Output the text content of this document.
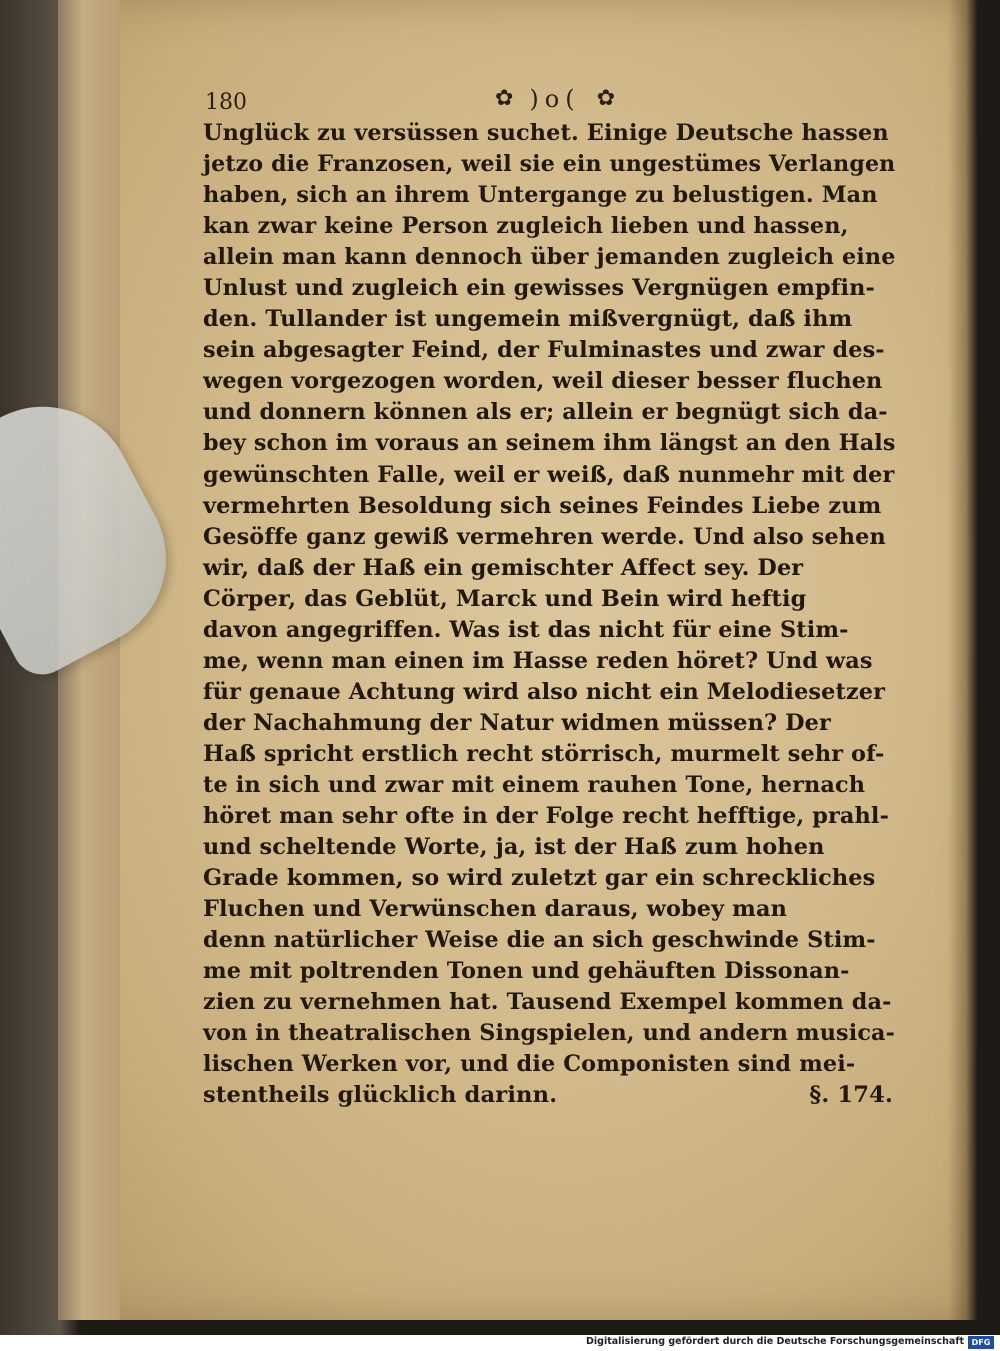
180	✿ )o( ✿
Unglück zu versüssen suchet. Einige Deutsche hassen
jetzo die Franzosen, weil sie ein ungestümes Verlangen
haben, sich an ihrem Untergange zu belustigen. Man
kan zwar keine Person zugleich lieben und hassen,
allein man kann dennoch über jemanden zugleich eine
Unlust und zugleich ein gewisses Vergnügen empfin-
den. Tullander ist ungemein mißvergnügt, daß ihm
sein abgesagter Feind, der Fulminastes und zwar des-
wegen vorgezogen worden, weil dieser besser fluchen
und donnern können als er; allein er begnügt sich da-
bey schon im voraus an seinem ihm längst an den Hals
gewünschten Falle, weil er weiß, daß nunmehr mit der
vermehrten Besoldung sich seines Feindes Liebe zum
Gesöffe ganz gewiß vermehren werde. Und also sehen
wir, daß der Haß ein gemischter Affect sey. Der
Cörper, das Geblüt, Marck und Bein wird heftig
davon angegriffen. Was ist das nicht für eine Stim-
me, wenn man einen im Hasse reden höret? Und was
für genaue Achtung wird also nicht ein Melodiesetzer
der Nachahmung der Natur widmen müssen? Der
Haß spricht erstlich recht störrisch, murmelt sehr of-
te in sich und zwar mit einem rauhen Tone, hernach
höret man sehr ofte in der Folge recht hefftige, prahl-
und scheltende Worte, ja, ist der Haß zum hohen
Grade kommen, so wird zuletzt gar ein schreckliches
Fluchen und Verwünschen daraus, wobey man
denn natürlicher Weise die an sich geschwinde Stim-
me mit poltrenden Tonen und gehäuften Dissonan-
zien zu vernehmen hat. Tausend Exempel kommen da-
von in theatralischen Singspielen, und andern musica-
lischen Werken vor, und die Componisten sind mei-
stentheils glücklich darinn.	§. 174.
Digitalisierung gefördert durch die Deutsche Forschungsgemeinschaft DFG
